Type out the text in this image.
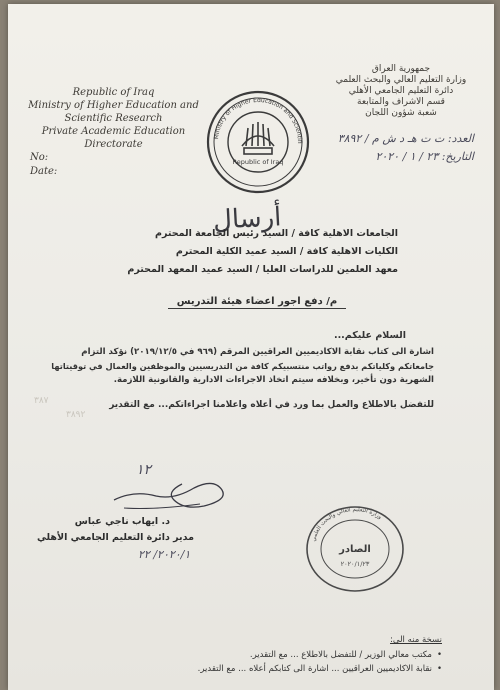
Republic of Iraq
Ministry of Higher Education and
Scientific Research
Private Academic Education
Directorate
No:
Date:
جمهورية العراق
وزارة التعليم العالي والبحث العلمي
دائرة التعليم الجامعي الأهلي
قسم الاشراف والمتابعة
شعبة شؤون اللجان
العدد: ت ت هـ د ش م / ٣٨٩٢
التاريخ: ٢٣ / ١ / ٢٠٢٠
Ministry of Higher Education and Scientifi
Republic of Iraq
أرسال
الجامعات الاهلية كافة / السيد رئيس الجامعة المحترم
الكليات الاهلية كافة / السيد عميد الكلية المحترم
معهد العلمين للدراسات العليا / السيد عميد المعهد المحترم
م/ دفع اجور اعضاء هيئة التدريس
السلام عليكم...
اشارة الى كتاب نقابة الاكاديميين العراقيين المرقم (٩٦٩ في ٢٠١٩/١٢/٥) نؤكد التزام
جامعاتكم وكلياتكم بدفع رواتب منتسبيكم كافة من التدريسيين والموظفين والعمال في توقيتاتها
الشهرية دون تأخير، وبخلافه سيتم اتخاذ الاجراءات الادارية والقانونية اللازمة.
٣٨٧
٣٨٩٢
للتفضل بالاطلاع والعمل بما ورد في أعلاه واعلامنا اجراءاتكم... مع التقدير
١٢
د. ايهاب ناجي عباس
مدير دائرة التعليم الجامعي الأهلي
٢٠٢٠/١/ ٢٢
وزارة التعليم العالي والبحث العلمي
الصادر
٢٠٢٠/١/٢٣
نسخة منه الى:
•مكتب معالي الوزير / للتفضل بالاطلاع ... مع التقدير.
•نقابة الاكاديميين العراقيين ... اشارة الى كتابكم أعلاه ... مع التقدير.
